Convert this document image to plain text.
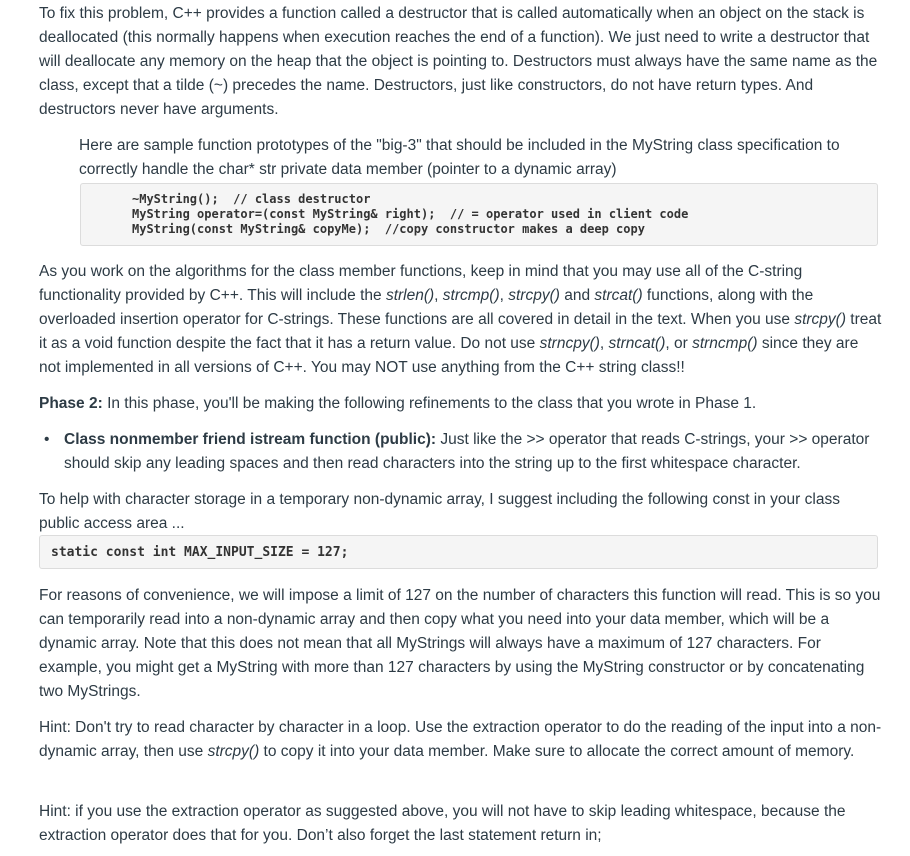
To fix this problem, C++ provides a function called a destructor that is called automatically when an object on the stack is deallocated (this normally happens when execution reaches the end of a function). We just need to write a destructor that will deallocate any memory on the heap that the object is pointing to. Destructors must always have the same name as the class, except that a tilde (~) precedes the name. Destructors, just like constructors, do not have return types. And destructors never have arguments.

Here are sample function prototypes of the "big-3" that should be included in the MyString class specification to correctly handle the char* str private data member (pointer to a dynamic array)

~MyString();  // class destructor
MyString operator=(const MyString& right);  // = operator used in client code
MyString(const MyString& copyMe);  //copy constructor makes a deep copy

As you work on the algorithms for the class member functions, keep in mind that you may use all of the C-string functionality provided by C++. This will include the strlen(), strcmp(), strcpy() and strcat() functions, along with the overloaded insertion operator for C-strings. These functions are all covered in detail in the text. When you use strcpy() treat it as a void function despite the fact that it has a return value. Do not use strncpy(), strncat(), or strncmp() since they are not implemented in all versions of C++. You may NOT use anything from the C++ string class!!

Phase 2: In this phase, you'll be making the following refinements to the class that you wrote in Phase 1.

• Class nonmember friend istream function (public): Just like the >> operator that reads C-strings, your >> operator should skip any leading spaces and then read characters into the string up to the first whitespace character.

To help with character storage in a temporary non-dynamic array, I suggest including the following const in your class public access area ...

static const int MAX_INPUT_SIZE = 127;

For reasons of convenience, we will impose a limit of 127 on the number of characters this function will read. This is so you can temporarily read into a non-dynamic array and then copy what you need into your data member, which will be a dynamic array. Note that this does not mean that all MyStrings will always have a maximum of 127 characters. For example, you might get a MyString with more than 127 characters by using the MyString constructor or by concatenating two MyStrings.

Hint: Don't try to read character by character in a loop. Use the extraction operator to do the reading of the input into a non-dynamic array, then use strcpy() to copy it into your data member. Make sure to allocate the correct amount of memory.

Hint: if you use the extraction operator as suggested above, you will not have to skip leading whitespace, because the extraction operator does that for you. Don’t also forget the last statement return in;
